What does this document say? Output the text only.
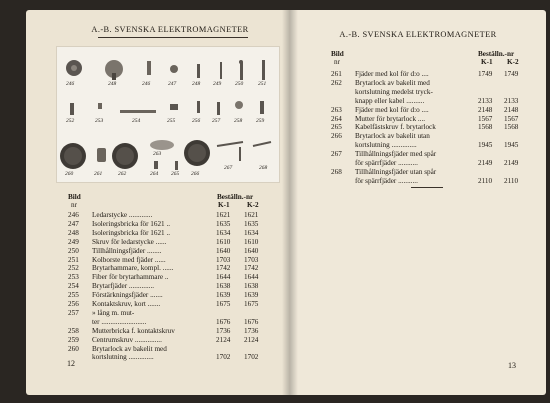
A.-B. SVENSKA ELEKTROMAGNETER
246	248	246	247	248 249	250	251
252	253	254	255	256 257	258	259
260	261	262	264 265 266
263
267	268
Bild
nr
Beställn.-nr
K-1 K-2
246 Ledarstycke .............	1621 1621
247 Isoleringsbricka för 1621 ..	1635 1635
248 Isoleringsbricka för 1621 ..	1634 1634
249 Skruv för ledarstycke ......	1610 1610
250 Tillhållningsfjäder ........	1640 1640
251 Kolborste med fjäder ......	1703 1703
252 Brytarhammare, kompl. ......	1742 1742
253 Fiber för brytarhammare ..	1644 1644
254 Brytarfjäder ..............	1638 1638
255 Förstärkningsfjäder .......	1639 1639
256 Kontaktskruv, kort .......	1675 1675
257 » lång m. mut-
ter .........................	1676 1676
258 Mutterbricka f. kontaktskruv	1736 1736
259 Centrumskruv ...............	2124 2124
260 Brytarlock av bakelit med
kortslutning ..............	1702 1702
12
A.-B. SVENSKA ELEKTROMAGNETER
Bild
nr
Beställn.-nr
K-1 K-2
261 Fjäder med kol för d:o ....	1749 1749
262 Brytarlock av bakelit med
kortslutning medelst tryck-
knapp eller kabel ..........	2133 2133
263 Fjäder med kol för d:o ....	2148 2148
264 Mutter för brytarlock ....	1567 1567
265 Kabelfästskruv f. brytarlock	1568 1568
266 Brytarlock av bakelit utan
kortslutning ..............	1945 1945
267 Tillhållningsfjäder med spår
för spärrfjäder ...........	2149 2149
268 Tillhållningsfjäder utan spår
för spärrfjäder ...........	2110 2110
13
